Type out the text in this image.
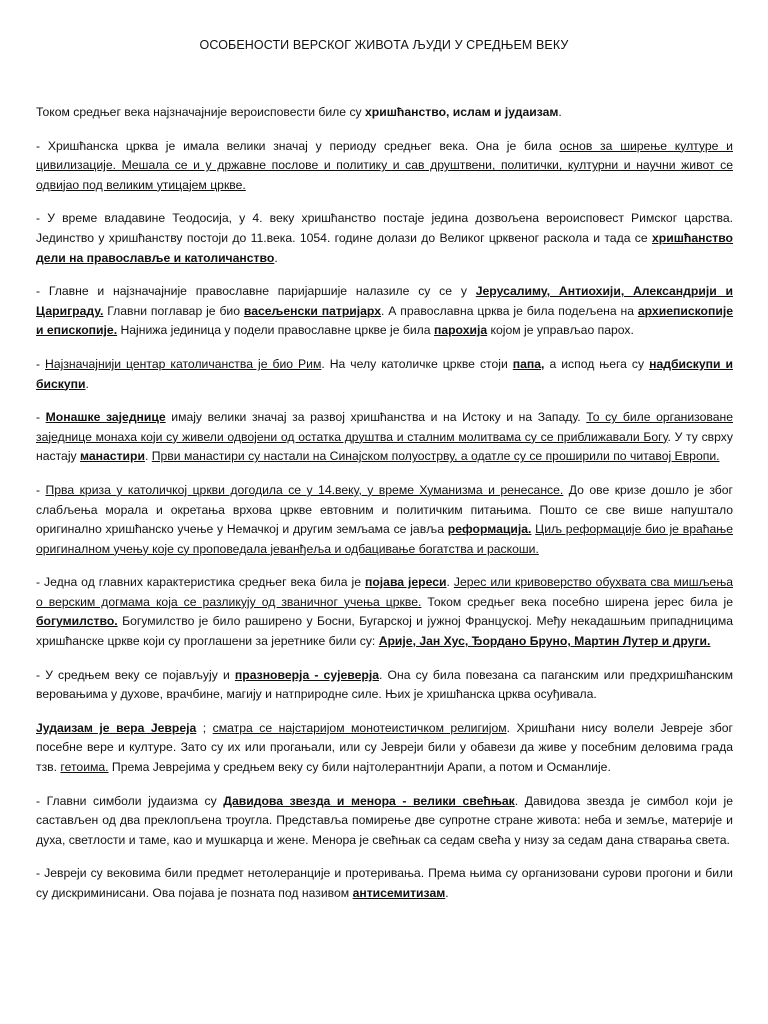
ОСОБЕНОСТИ ВЕРСКОГ ЖИВОТА ЉУДИ У СРЕДЊЕМ ВЕКУ

Током средњег века најзначајније вероисповести биле су хришћанство, ислам и јудаизам.

- Хришћанска црква је имала велики значај у периоду средњег века. Она је била основ за ширење културе и цивилизације. Мешала се и у државне послове и политику и сав друштвени, политички, културни и научни живот се одвијао под великим утицајем цркве.

- У време владавине Теодосија, у 4. веку хришћанство постаје једина дозвољена вероисповест Римског царства. Јединство у хришћанству постоји до 11.века. 1054. године долази до Великог црквеног раскола и тада се хришћанство дели на православље и католичанство.

- Главне и најзначајније православне паријаршије налазиле су се у Јерусалиму, Антиохији, Александрији и Цариграду. Главни поглавар је био васељенски патријарх. А православна црква је била подељена на архиепископије и епископије. Најнижа јединица у подели православне цркве је била парохија којом је управљао парох.

- Најзначајнији центар католичанства је био Рим. На челу католичке цркве стоји папа, а испод њега су надбискупи и бискупи.

- Монашке заједнице имају велики значај за развој хришћанства и на Истоку и на Западу. То су биле организоване заједнице монаха који су живели одвојени од остатка друштва и сталним молитвама су се приближавали Богу. У ту сврху настају манастири. Први манастири су настали на Синајском полуострву, а одатле су се проширили по читавој Европи.

- Прва криза у католичкој цркви догодила се у 14.веку, у време Хуманизма и ренесансе. До ове кризе дошло је због слабљења морала и окретања врхова цркве евтовним и политичким питањима. Пошто се све више напуштало оригинално хришћанско учење у Немачкој и другим земљама се јавља реформација. Циљ реформације био је враћање оригиналном учењу које су проповедала јеванђеља и одбацивање богатства и раскоши.

- Једна од главних карактеристика средњег века била је појава јереси. Јерес или кривоверство обухвата сва мишљења о верским догмама која се разликују од званичног учења цркве. Током средњег века посебно ширена јерес била је богумилство. Богумилство је било раширено у Босни, Бугарској и јужној Француској. Међу некадашњим припадницима хришћанске цркве који су проглашени за јеретнике били су: Арије, Јан Хус, Ђордано Бруно, Мартин Лутер и други.

- У средњем веку се појављују и празноверја - сујеверја. Она су била повезана са паганским или предхришћанским веровањима у духове, врачбине, магију и натприродне силе. Њих је хришћанска црква осуђивала.

Јудаизам је вера Јевреја ; сматра се најстаријом монотеистичком религијом. Хришћани нису волели Јевреје због посебне вере и културе. Зато су их или прогањали, или су Јевреји били у обавези да живе у посебним деловима града тзв. гетоима. Према Јеврејима у средњем веку су били најтолерантнији Арапи, а потом и Османлије.

- Главни симболи јудаизма су Давидова звезда и менора - велики свећњак. Давидова звезда је симбол који је састављен од два преклопљена троугла. Представља помирење две супротне стране живота: неба и земље, материје и духа, светлости и таме, као и мушкарца и жене. Менора је свећњак са седам свећа у низу за седам дана стварања света.

- Јевреји су вековима били предмет нетолеранције и протеривања. Према њима су организовани сурови прогони и били су дискриминисани. Ова појава је позната под називом антисемитизам.
